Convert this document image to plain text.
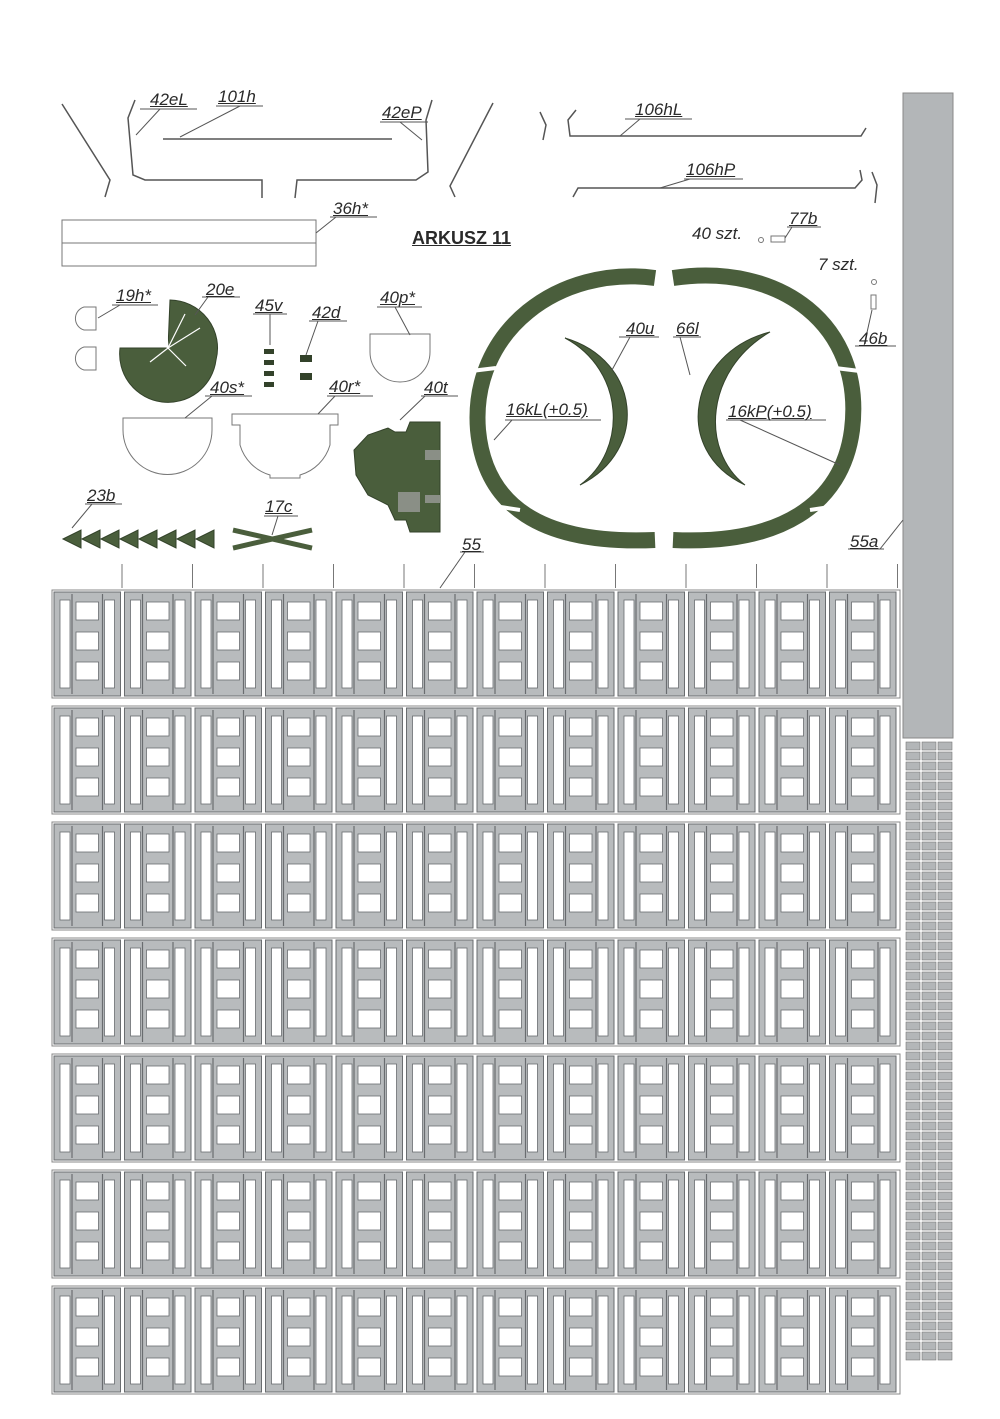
ARKUSZ 11
42eL 101h
42eP	106hL
106hP
36h*
77b
40 szt.
7 szt.
19h*	20e
45v 42d
40p*
40u 66l
46b
40s*	40r*	40t
16kL(+0.5)	16kP(+0.5)
23b
17c
55	55a
